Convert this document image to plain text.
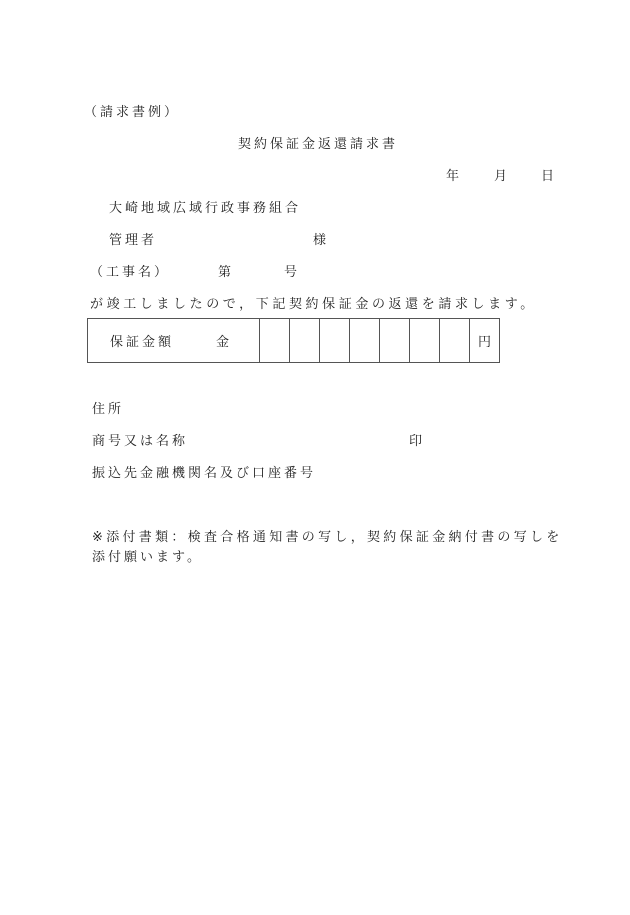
（請求書例）
契約保証金返還請求書
年 月 日
大崎地域広域行政事務組合
管理者	様
（工事名）	第	号
が竣工しましたので，下記契約保証金の返還を請求します。
保証金額	金								円
住所
商号又は名称	印
振込先金融機関名及び口座番号
※添付書類：検査合格通知書の写し，契約保証金納付書の写しを
添付願います。
